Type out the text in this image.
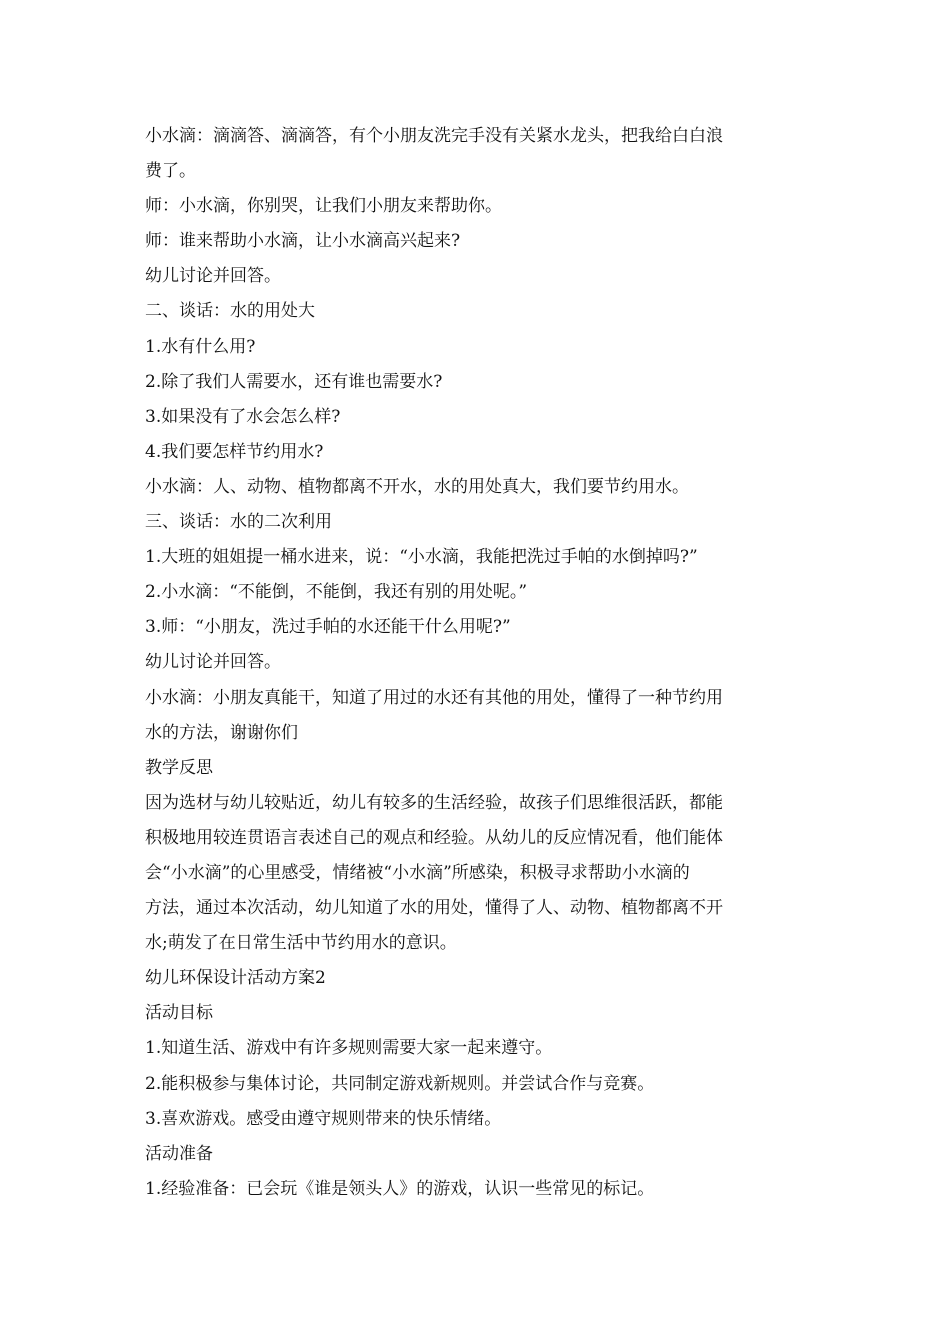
小水滴：滴滴答、滴滴答，有个小朋友洗完手没有关紧水龙头，把我给白白浪

费了。

师：小水滴，你别哭，让我们小朋友来帮助你。

师：谁来帮助小水滴，让小水滴高兴起来?

幼儿讨论并回答。

二、谈话：水的用处大

1.水有什么用?

2.除了我们人需要水，还有谁也需要水?

3.如果没有了水会怎么样?

4.我们要怎样节约用水?

小水滴：人、动物、植物都离不开水，水的用处真大，我们要节约用水。

三、谈话：水的二次利用

1.大班的姐姐提一桶水进来，说：“小水滴，我能把洗过手帕的水倒掉吗?”

2.小水滴：“不能倒，不能倒，我还有别的用处呢。”

3.师：“小朋友，洗过手帕的水还能干什么用呢?”

幼儿讨论并回答。

小水滴：小朋友真能干，知道了用过的水还有其他的用处，懂得了一种节约用

水的方法，谢谢你们

教学反思

因为选材与幼儿较贴近，幼儿有较多的生活经验，故孩子们思维很活跃，都能

积极地用较连贯语言表述自己的观点和经验。从幼儿的反应情况看，他们能体

会“小水滴”的心里感受，情绪被“小水滴”所感染，积极寻求帮助小水滴的

方法，通过本次活动，幼儿知道了水的用处，懂得了人、动物、植物都离不开

水;萌发了在日常生活中节约用水的意识。

幼儿环保设计活动方案2

活动目标

1.知道生活、游戏中有许多规则需要大家一起来遵守。

2.能积极参与集体讨论，共同制定游戏新规则。并尝试合作与竞赛。

3.喜欢游戏。感受由遵守规则带来的快乐情绪。

活动准备

1.经验准备：已会玩《谁是领头人》的游戏，认识一些常见的标记。
